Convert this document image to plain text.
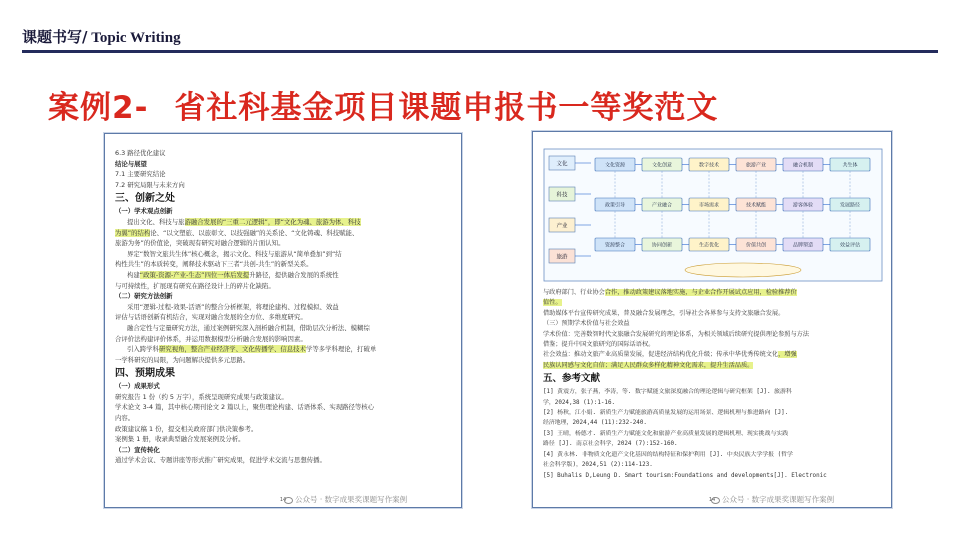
课题书写/ Topic Writing
案例2- 省社科基金项目课题申报书一等奖范文
6.3 路径优化建议
结论与展望
7.1 主要研究结论
7.2 研究局限与未来方向
三、创新之处
（一）学术观点创新
提出文化、科技与旅游融合发展的“三重二元逻辑”，即“文化为魂、旅游为体、科技
为翼”的结构论、“以文塑旅、以旅彰文、以技强融”的关系论、“文化铸魂、科技赋能、
旅游为务”的价值论，突破现有研究对融合逻辑的片面认知。
界定“数智文旅共生体”核心概念，揭示文化、科技与旅游从“简单叠加”到“结
构性共生”的本质转变，阐释技术驱动下三者“共创-共生”的新型关系。
构建“政策-资源-产业-生态”四位一体后发提升路径，提供融合发展的系统性
与可持续性，扩展现有研究在路径设计上的碎片化缺陷。
（二）研究方法创新
采用“逻辑-过程-效果-活语”的整合分析框架，将理论建构、过程模拟、效益
评估与话语创新有机结合，实现对融合发展的全方位、多维度研究。
融合定性与定量研究方法，通过案例研究深入剖析融合机制，借助层次分析法、模糊综
合评价法构建评价体系，并运用数据模型分析融合发展的影响因素。
引入跨学科研究视角，整合产业经济学、文化传播学、信息技术学等多学科理论，打破单
一学科研究的局限，为问题解决提供多元思路。
四、预期成果
（一）成果形式
研究报告 1 份（约 5 万字），系统呈现研究成果与政策建议。
学术论文 3-4 篇，其中核心期刊论文 2 篇以上，聚焦理论构建、话语体系、实现路径等核心
内容。
政策建议稿 1 份，提交相关政府部门供决策参考。
案例集 1 册，收录典型融合发展案例及分析。
（二）宣传转化
通过学术会议、专题讲座等形式推广研究成果，促进学术交流与思想传播。
14
文化
科技
产业
旅游
文化资源	文化创意	数字技术	旅游产业	融合机制	共生体
政策引导	产业融合	市场需求	技术赋能	游客体验	发展路径
资源整合	协同创新	生态优化	价值共创	品牌塑造	效益评估
与政府部门、行业协会合作，推动政策建议落地实施，与企业合作开展试点应用，检验推荐价
值性。
借助媒体平台宣传研究成果，普及融合发展理念，引导社会各界参与支持文旅融合发展。
（三）预期学术价值与社会效益
学术价值：完善数智时代文旅融合发展研究的理论体系，为相关领域后续研究提供理论参照与方法
借鉴；提升中国文旅研究的国际话语权。
社会效益：推动文旅产业高质量发展，促进经济结构优化升级；传承中华优秀传统文化，增强
民族认同感与文化自信；满足人民群众多样化精神文化需求，提升生活品质。
五、参考文献
[1] 黄震方，张子燕，李涛，等. 数字赋能文旅深度融合的理论逻辑与研究框架 [J]. 旅游科
学，2024,38 (1):1-16.
[2] 杨秋，江小娟. 新质生产力赋能旅游高质量发展的运用场景、逻辑机理与推进路向 [J].
经济地理，2024,44 (11):232-240.
[3] 王晴，杨德才. 新质生产力赋能文化和旅游产业高质量发展的逻辑机理、现实挑战与实践
路径 [J]. 南京社会科学，2024 (7):152-160.
[4] 黄永林. 非物质文化遗产文化基因的结构特征和保护利用 [J]. 中央民族大学学报 (哲学
社会科学版)，2024,51 (2):114-123.
[5] Buhalis D,Leung D. Smart tourism:Foundations and developments[J]. Electronic
14
公众号 · 数字成果奖课题写作案例	公众号 · 数字成果奖课题写作案例
